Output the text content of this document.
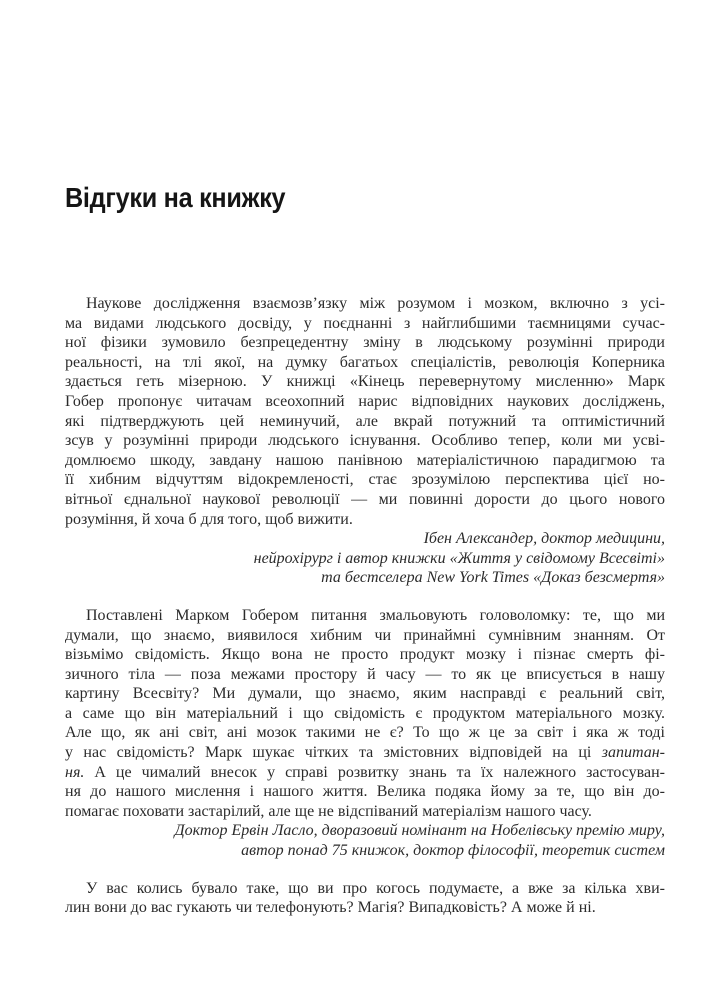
Відгуки на книжку
Наукове дослідження взаємозв’язку між розумом і мозком, включно з усі-
ма видами людського досвіду, у поєднанні з найглибшими таємницями сучас-
ної фізики зумовило безпрецедентну зміну в людському розумінні природи
реальності, на тлі якої, на думку багатьох спеціалістів, революція Коперника
здається геть мізерною. У книжці «Кінець перевернутому мисленню» Марк
Гобер пропонує читачам всеохопний нарис відповідних наукових досліджень,
які підтверджують цей неминучий, але вкрай потужний та оптимістичний
зсув у розумінні природи людського існування. Особливо тепер, коли ми усві-
домлюємо шкоду, завдану нашою панівною матеріалістичною парадигмою та
її хибним відчуттям відокремленості, стає зрозумілою перспектива цієї но-
вітньої єднальної наукової революції — ми повинні дорости до цього нового
розуміння, й хоча б для того, щоб вижити.
Ібен Александер, доктор медицини,
нейрохірург і автор книжки «Життя у свідомому Всесвіті»
та бестселера New York Times «Доказ безсмертя»
Поставлені Марком Гобером питання змальовують головоломку: те, що ми
думали, що знаємо, виявилося хибним чи принаймні сумнівним знанням. От
візьмімо свідомість. Якщо вона не просто продукт мозку і пізнає смерть фі-
зичного тіла — поза межами простору й часу — то як це вписується в нашу
картину Всесвіту? Ми думали, що знаємо, яким насправді є реальний світ,
а саме що він матеріальний і що свідомість є продуктом матеріального мозку.
Але що, як ані світ, ані мозок такими не є? То що ж це за світ і яка ж тоді
у нас свідомість? Марк шукає чітких та змістовних відповідей на ці запитан-
ня. А це чималий внесок у справі розвитку знань та їх належного застосуван-
ня до нашого мислення і нашого життя. Велика подяка йому за те, що він до-
помагає поховати застарілий, але ще не відспіваний матеріалізм нашого часу.
Доктор Ервін Ласло, дворазовий номінант на Нобелівську премію миру,
автор понад 75 книжок, доктор філософії, теоретик систем
У вас колись бувало таке, що ви про когось подумаєте, а вже за кілька хви-
лин вони до вас гукають чи телефонують? Магія? Випадковість? А може й ні.
